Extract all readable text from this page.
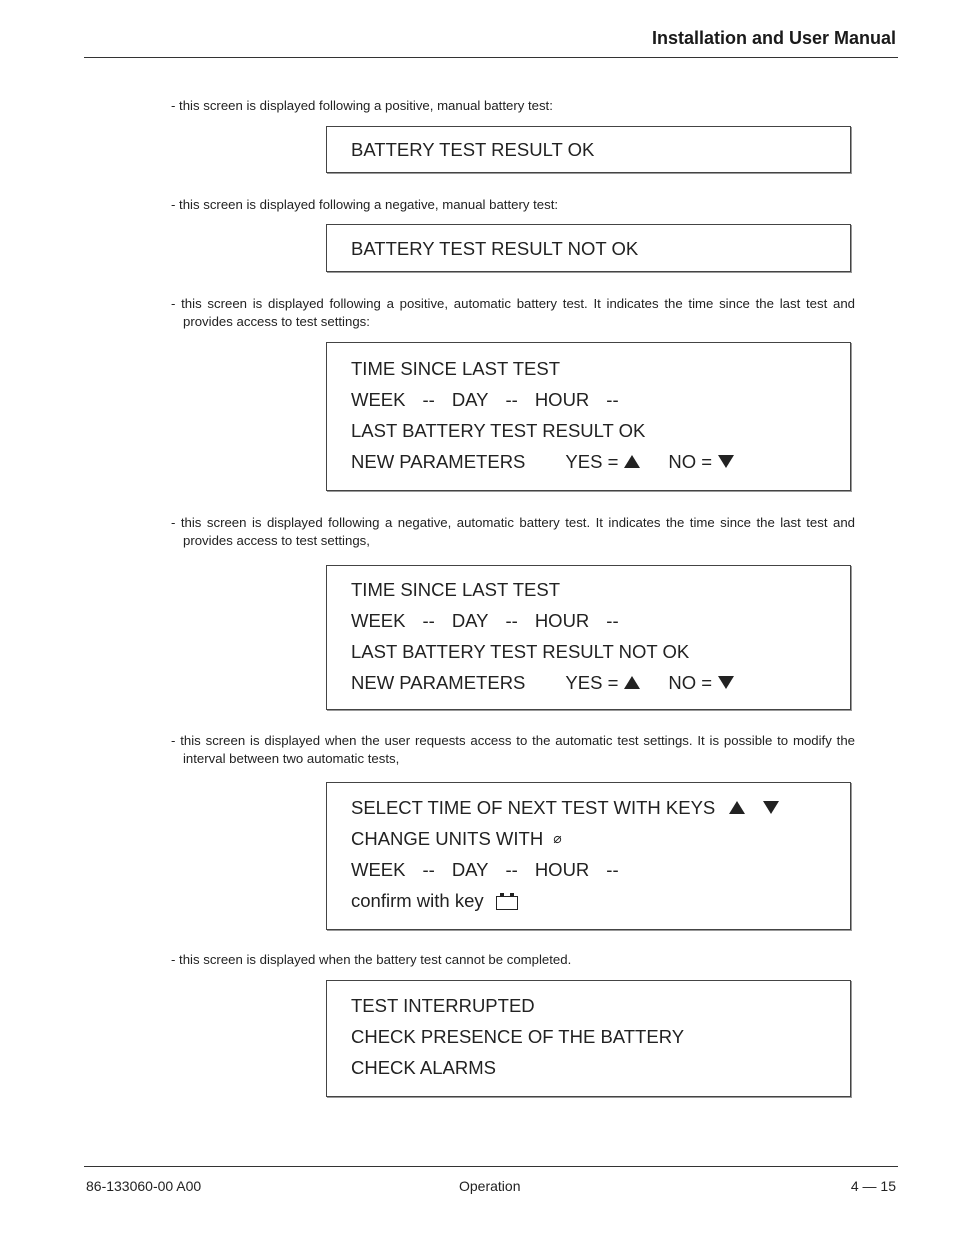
Installation and User Manual
- this screen is displayed following a positive, manual battery test:
BATTERY TEST RESULT OK
- this screen is displayed following a negative, manual battery test:
BATTERY TEST RESULT NOT OK
- this screen is displayed following a positive, automatic battery test. It indicates the time since the last test and provides access to test settings:
TIME SINCE LAST TEST
WEEK -- DAY -- HOUR --
LAST BATTERY TEST RESULT OK
NEW PARAMETERS YES =	NO =
- this screen is displayed following a negative, automatic battery test. It indicates the time since the last test and provides access to test settings,
TIME SINCE LAST TEST
WEEK -- DAY -- HOUR --
LAST BATTERY TEST RESULT NOT OK
NEW PARAMETERS YES =	NO =
- this screen is displayed when the user requests access to the automatic test settings. It is possible to modify the interval between two automatic tests,
SELECT TIME OF NEXT TEST WITH KEYS
CHANGE UNITS WITH ⌀
WEEK -- DAY -- HOUR --
confirm with key
- this screen is displayed when the battery test cannot be completed.
TEST INTERRUPTED
CHECK PRESENCE OF THE BATTERY
CHECK ALARMS
86-133060-00 A00	Operation	4 — 15
